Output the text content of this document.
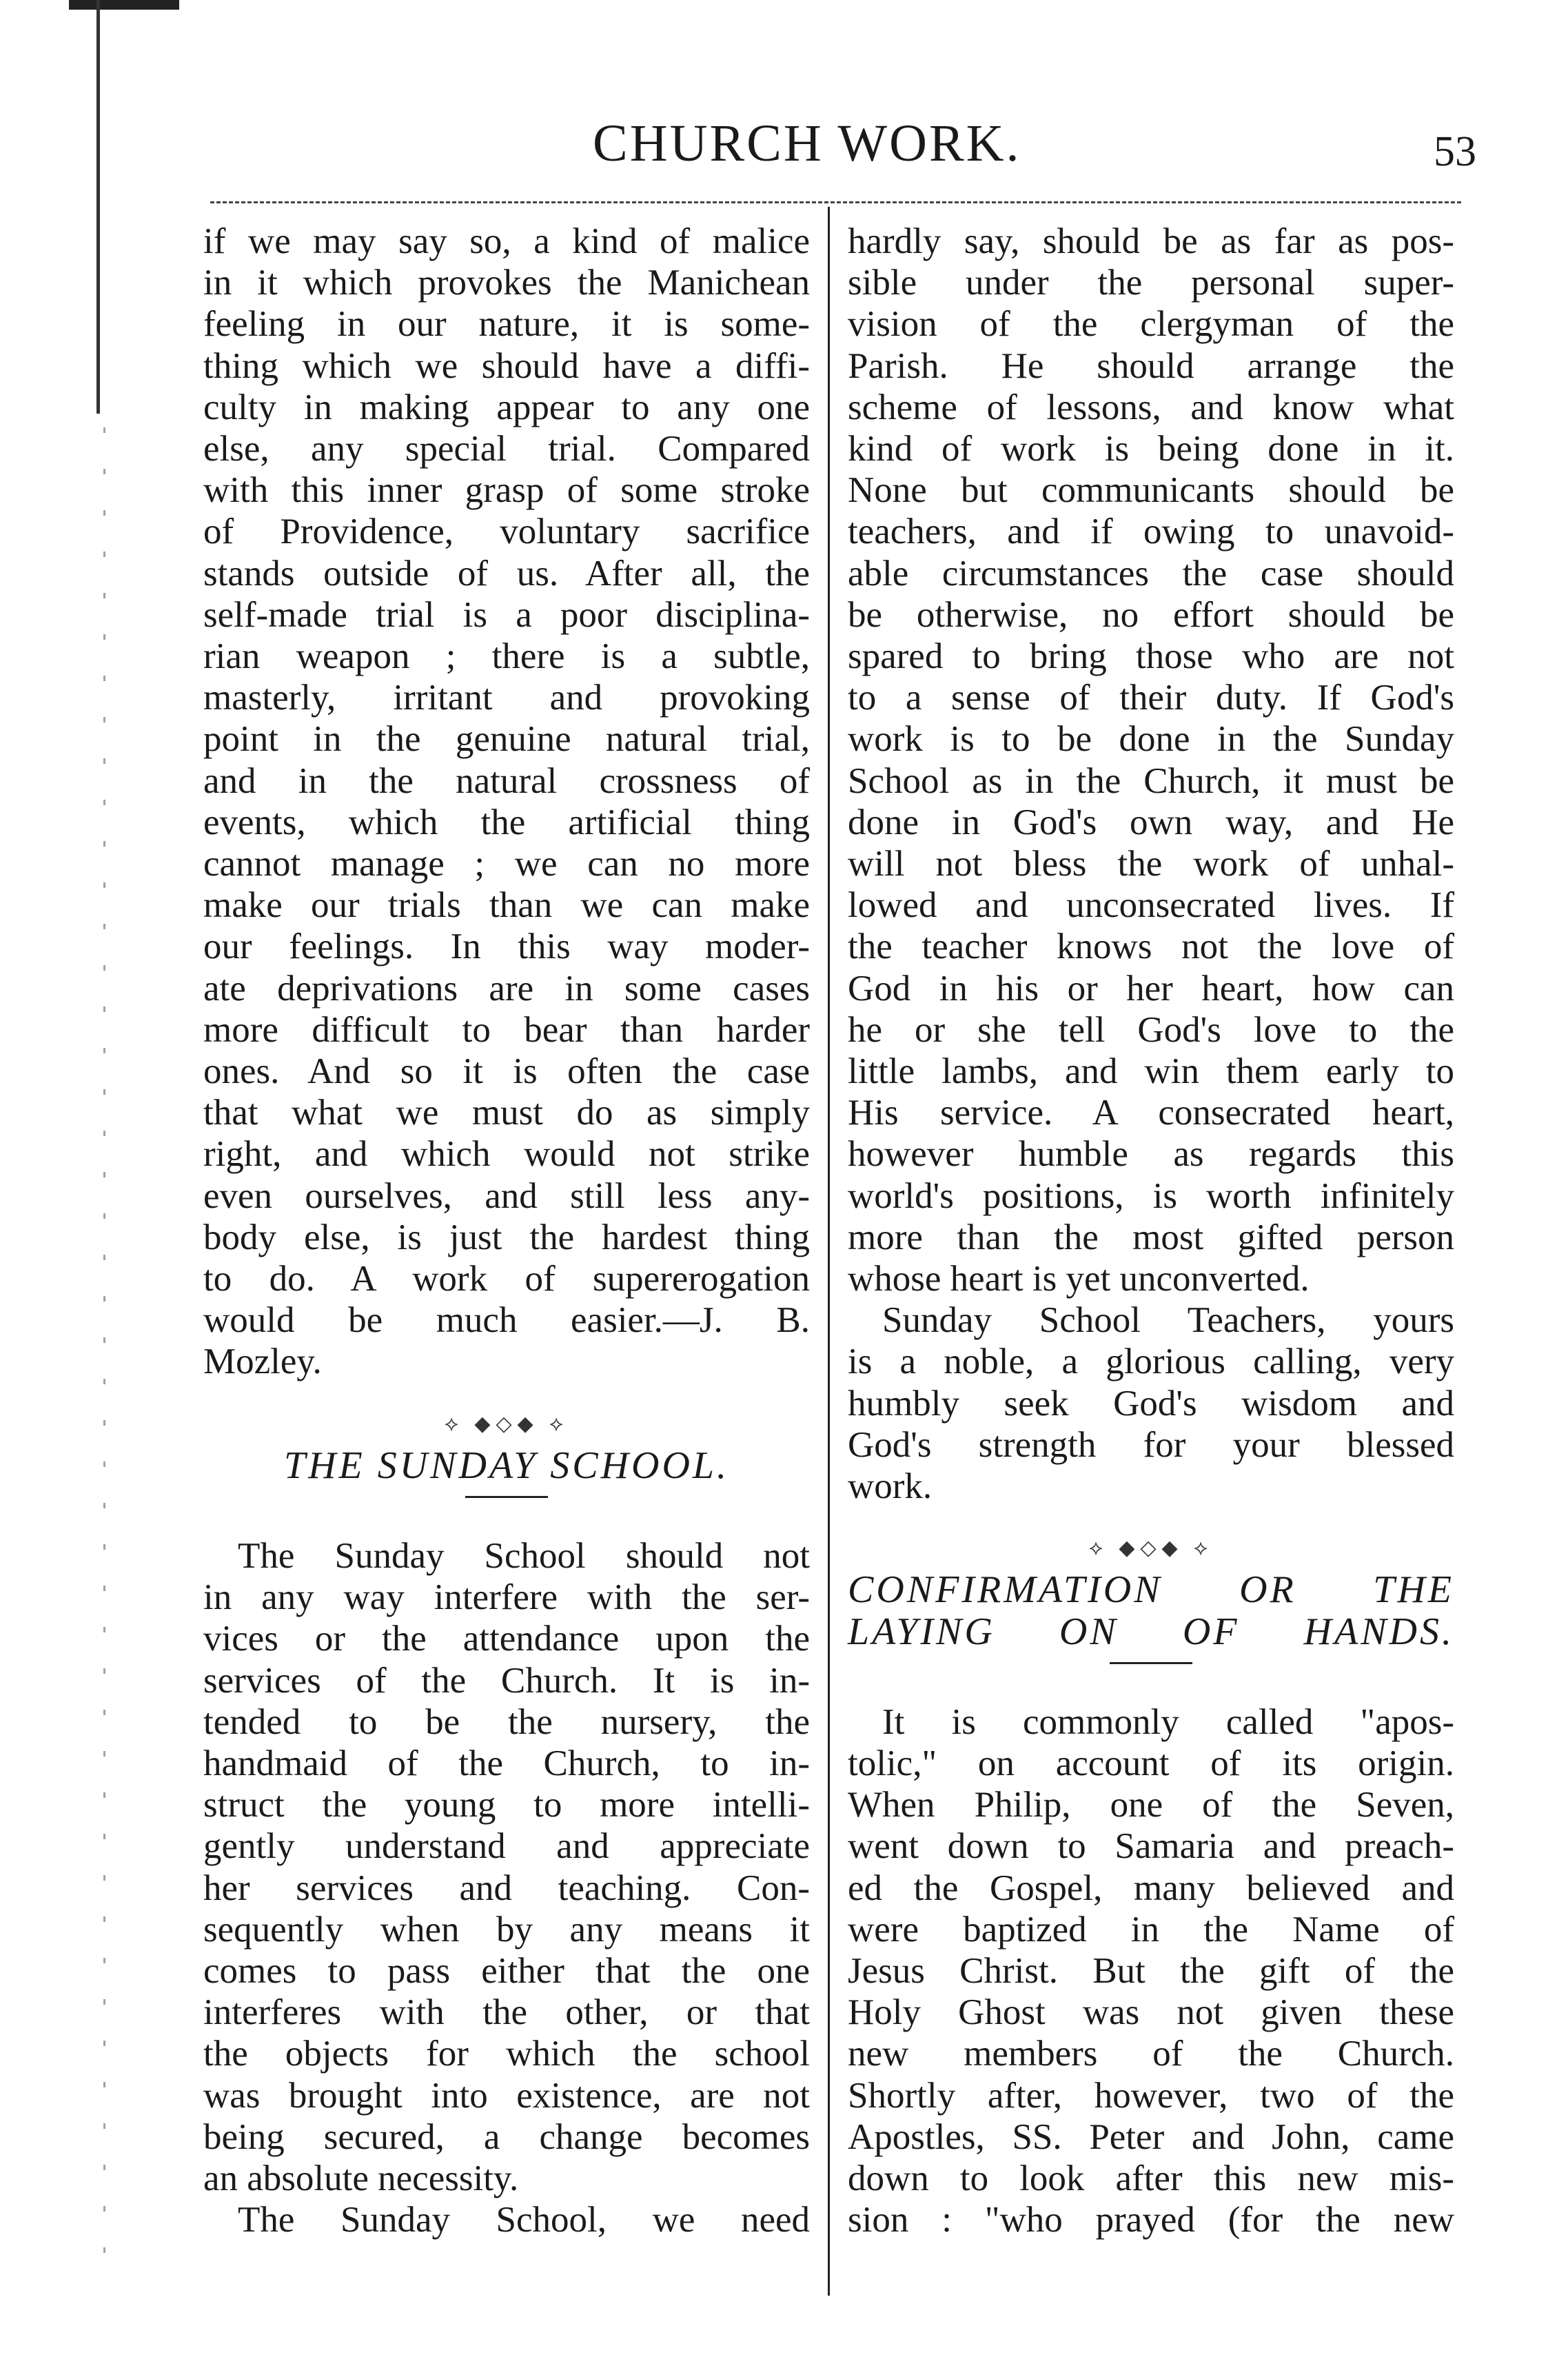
CHURCH WORK.	53
if we may say so, a kind of malice
in it which provokes the Manichean
feeling in our nature, it is some-
thing which we should have a diffi-
culty in making appear to any one
else, any special trial. Compared
with this inner grasp of some stroke
of Providence, voluntary sacrifice
stands outside of us. After all, the
self-made trial is a poor disciplina-
rian weapon ; there is a subtle,
masterly, irritant and provoking
point in the genuine natural trial,
and in the natural crossness of
events, which the artificial thing
cannot manage ; we can no more
make our trials than we can make
our feelings. In this way moder-
ate deprivations are in some cases
more difficult to bear than harder
ones. And so it is often the case
that what we must do as simply
right, and which would not strike
even ourselves, and still less any-
body else, is just the hardest thing
to do. A work of supererogation
would be much easier.—J. B.
Mozley.
⟡ ◆◇◆ ⟡
THE SUNDAY SCHOOL.
The Sunday School should not
in any way interfere with the ser-
vices or the attendance upon the
services of the Church. It is in-
tended to be the nursery, the
handmaid of the Church, to in-
struct the young to more intelli-
gently understand and appreciate
her services and teaching. Con-
sequently when by any means it
comes to pass either that the one
interferes with the other, or that
the objects for which the school
was brought into existence, are not
being secured, a change becomes
an absolute necessity.
The Sunday School, we need
hardly say, should be as far as pos-
sible under the personal super-
vision of the clergyman of the
Parish. He should arrange the
scheme of lessons, and know what
kind of work is being done in it.
None but communicants should be
teachers, and if owing to unavoid-
able circumstances the case should
be otherwise, no effort should be
spared to bring those who are not
to a sense of their duty. If God's
work is to be done in the Sunday
School as in the Church, it must be
done in God's own way, and He
will not bless the work of unhal-
lowed and unconsecrated lives. If
the teacher knows not the love of
God in his or her heart, how can
he or she tell God's love to the
little lambs, and win them early to
His service. A consecrated heart,
however humble as regards this
world's positions, is worth infinitely
more than the most gifted person
whose heart is yet unconverted.
Sunday School Teachers, yours
is a noble, a glorious calling, very
humbly seek God's wisdom and
God's strength for your blessed
work.
⟡ ◆◇◆ ⟡
CONFIRMATION OR THE
LAYING ON OF HANDS.
It is commonly called "apos-
tolic," on account of its origin.
When Philip, one of the Seven,
went down to Samaria and preach-
ed the Gospel, many believed and
were baptized in the Name of
Jesus Christ. But the gift of the
Holy Ghost was not given these
new members of the Church.
Shortly after, however, two of the
Apostles, SS. Peter and John, came
down to look after this new mis-
sion : "who prayed (for the new
